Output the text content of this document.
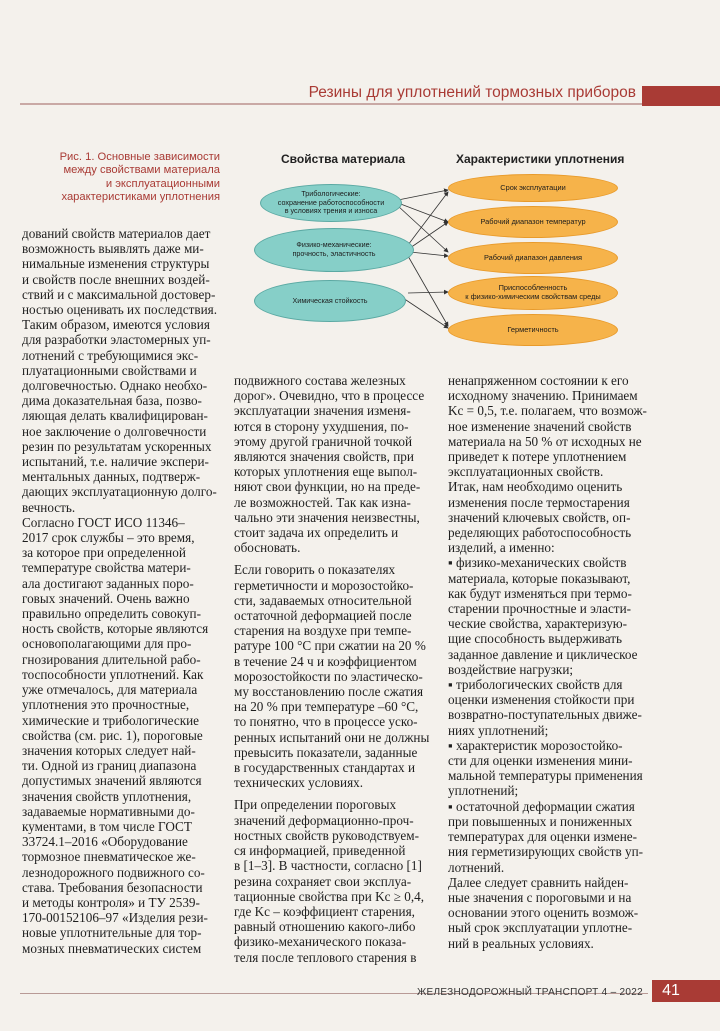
Резины для уплотнений тормозных приборов
Рис. 1. Основные зависимости
между свойствами материала
и эксплуатационными
характеристиками уплотнения
Свойства материала	Характеристики уплотнения
Трибологические:
сохранение работоспособности
в условиях трения и износа
Физико-механические:
прочность, эластичность
Химическая стойкость
Срок эксплуатации
Рабочий диапазон температур
Рабочий диапазон давления
Приспособленность
к физико-химическим свойствам среды
Герметичность
дований свойств материалов дает
возможность выявлять даже ми-
нимальные изменения структуры
и свойств после внешних воздей-
ствий и с максимальной достовер-
ностью оценивать их последствия.
Таким образом, имеются условия
для разработки эластомерных уп-
лотнений с требующимися экс-
плуатационными свойствами и
долговечностью. Однако необхо-
дима доказательная база, позво-
ляющая делать квалифицирован-
ное заключение о долговечности
резин по результатам ускоренных
испытаний, т.е. наличие экспери-
ментальных данных, подтверж-
дающих эксплуатационную долго-
вечность.
Согласно ГОСТ ИСО 11346–
2017 срок службы – это время,
за которое при определенной
температуре свойства матери-
ала достигают заданных поро-
говых значений. Очень важно
правильно определить совокуп-
ность свойств, которые являются
основополагающими для про-
гнозирования длительной рабо-
тоспособности уплотнений. Как
уже отмечалось, для материала
уплотнения это прочностные,
химические и трибологические
свойства (см. рис. 1), пороговые
значения которых следует най-
ти. Одной из границ диапазона
допустимых значений являются
значения свойств уплотнения,
задаваемые нормативными до-
кументами, в том числе ГОСТ
33724.1–2016 «Оборудование
тормозное пневматическое же-
лезнодорожного подвижного со-
става. Требования безопасности
и методы контроля» и ТУ 2539-
170-00152106–97 «Изделия рези-
новые уплотнительные для тор-
мозных пневматических систем
подвижного состава железных
дорог». Очевидно, что в процессе
эксплуатации значения изменя-
ются в сторону ухудшения, по-
этому другой граничной точкой
являются значения свойств, при
которых уплотнения еще выпол-
няют свои функции, но на преде-
ле возможностей. Так как изна-
чально эти значения неизвестны,
стоит задача их определить и
обосновать.
Если говорить о показателях
герметичности и морозостойко-
сти, задаваемых относительной
остаточной деформацией после
старения на воздухе при темпе-
ратуре 100 °С при сжатии на 20 %
в течение 24 ч и коэффициентом
морозостойкости по эластическо-
му восстановлению после сжатия
на 20 % при температуре –60 °С,
то понятно, что в процессе уско-
ренных испытаний они не должны
превысить показатели, заданные
в государственных стандартах и
технических условиях.
При определении пороговых
значений деформационно-проч-
ностных свойств руководствуем-
ся информацией, приведенной
в [1–3]. В частности, согласно [1]
резина сохраняет свои эксплуа-
тационные свойства при Kс ≥ 0,4,
где Kс – коэффициент старения,
равный отношению какого-либо
физико-механического показа-
теля после теплового старения в
ненапряженном состоянии к его
исходному значению. Принимаем
Kс = 0,5, т.е. полагаем, что возмож-
ное изменение значений свойств
материала на 50 % от исходных не
приведет к потере уплотнением
эксплуатационных свойств.
Итак, нам необходимо оценить
изменения после термостарения
значений ключевых свойств, оп-
ределяющих работоспособность
изделий, а именно:
▪ физико-механических свойств
материала, которые показывают,
как будут изменяться при термо-
старении прочностные и эласти-
ческие свойства, характеризую-
щие способность выдерживать
заданное давление и циклическое
воздействие нагрузки;
▪ трибологических свойств для
оценки изменения стойкости при
возвратно-поступательных движе-
ниях уплотнений;
▪ характеристик морозостойко-
сти для оценки изменения мини-
мальной температуры применения
уплотнений;
▪ остаточной деформации сжатия
при повышенных и пониженных
температурах для оценки измене-
ния герметизирующих свойств уп-
лотнений.
Далее следует сравнить найден-
ные значения с пороговыми и на
основании этого оценить возмож-
ный срок эксплуатации уплотне-
ний в реальных условиях.
ЖЕЛЕЗНОДОРОЖНЫЙ ТРАНСПОРТ 4 – 2022	41
